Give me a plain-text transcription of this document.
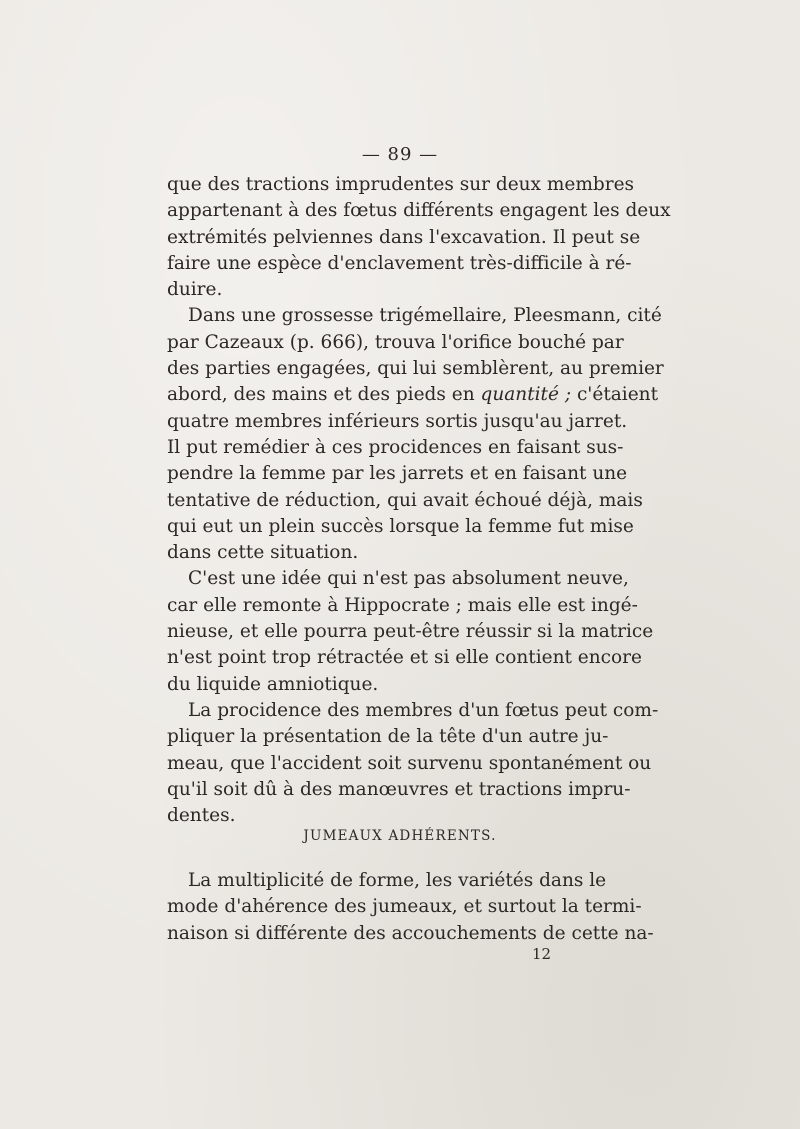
— 89 —

que des tractions imprudentes sur deux membres
appartenant à des fœtus différents engagent les deux
extrémités pelviennes dans l'excavation. Il peut se
faire une espèce d'enclavement très-difficile à ré-
duire.

Dans une grossesse trigémellaire, Pleesmann, cité
par Cazeaux (p. 666), trouva l'orifice bouché par
des parties engagées, qui lui semblèrent, au premier
abord, des mains et des pieds en quantité ; c'étaient
quatre membres inférieurs sortis jusqu'au jarret.
Il put remédier à ces procidences en faisant sus-
pendre la femme par les jarrets et en faisant une
tentative de réduction, qui avait échoué déjà, mais
qui eut un plein succès lorsque la femme fut mise
dans cette situation.

C'est une idée qui n'est pas absolument neuve,
car elle remonte à Hippocrate ; mais elle est ingé-
nieuse, et elle pourra peut-être réussir si la matrice
n'est point trop rétractée et si elle contient encore
du liquide amniotique.

La procidence des membres d'un fœtus peut com-
pliquer la présentation de la tête d'un autre ju-
meau, que l'accident soit survenu spontanément ou
qu'il soit dû à des manœuvres et tractions impru-
dentes.

JUMEAUX ADHÉRENTS.
La multiplicité de forme, les variétés dans le
mode d'ahérence des jumeaux, et surtout la termi-
naison si différente des accouchements de cette na-
12
